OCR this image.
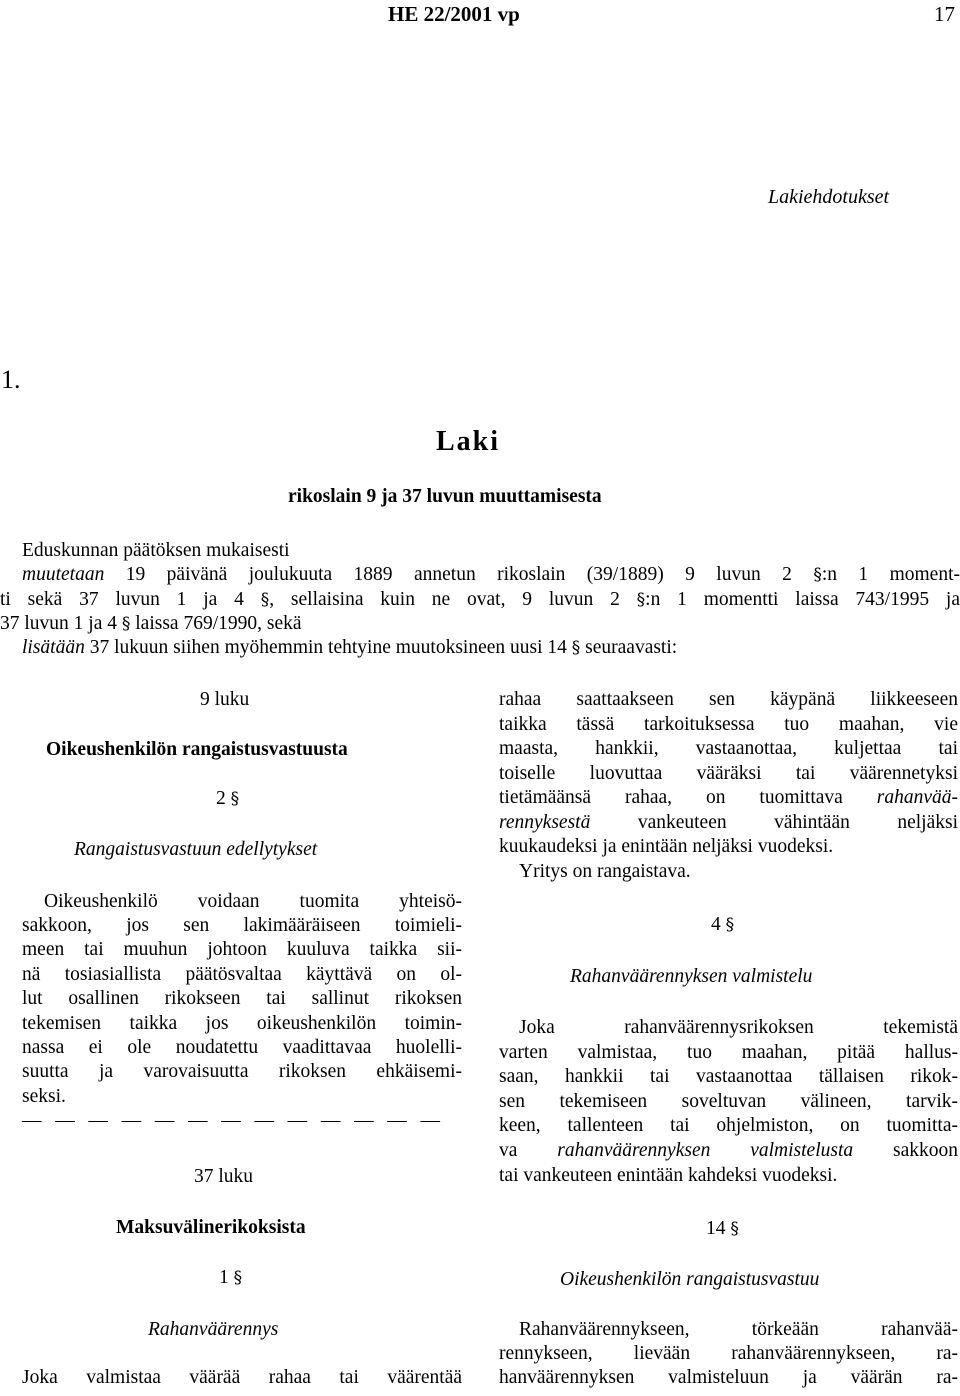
HE 22/2001 vp	17
Lakiehdotukset
1.
Laki
rikoslain 9 ja 37 luvun muuttamisesta
Eduskunnan päätöksen mukaisesti
muutetaan 19 päivänä joulukuuta 1889 annetun rikoslain (39/1889) 9 luvun 2 §:n 1 moment-
ti sekä 37 luvun 1 ja 4 §, sellaisina kuin ne ovat, 9 luvun 2 §:n 1 momentti laissa 743/1995 ja
37 luvun 1 ja 4 § laissa 769/1990, sekä
lisätään 37 lukuun siihen myöhemmin tehtyine muutoksineen uusi 14 § seuraavasti:
9 luku
Oikeushenkilön rangaistusvastuusta
2 §
Rangaistusvastuun edellytykset
Oikeushenkilö voidaan tuomita yhteisö-
sakkoon, jos sen lakimääräiseen toimieli-
meen tai muuhun johtoon kuuluva taikka sii-
nä tosiasiallista päätösvaltaa käyttävä on ol-
lut osallinen rikokseen tai sallinut rikoksen
tekemisen taikka jos oikeushenkilön toimin-
nassa ei ole noudatettu vaadittavaa huolelli-
suutta ja varovaisuutta rikoksen ehkäisemi-
seksi.
— — — — — — — — — — — — —
37 luku
Maksuvälinerikoksista
1 §
Rahanväärennys
Joka valmistaa väärää rahaa tai väärentää
rahaa saattaakseen sen käypänä liikkeeseen
taikka tässä tarkoituksessa tuo maahan, vie
maasta, hankkii, vastaanottaa, kuljettaa tai
toiselle luovuttaa vääräksi tai väärennetyksi
tietämäänsä rahaa, on tuomittava rahanvää-
rennyksestä vankeuteen vähintään neljäksi
kuukaudeksi ja enintään neljäksi vuodeksi.
Yritys on rangaistava.
4 §
Rahanväärennyksen valmistelu
Joka rahanväärennysrikoksen tekemistä
varten valmistaa, tuo maahan, pitää hallus-
saan, hankkii tai vastaanottaa tällaisen rikok-
sen tekemiseen soveltuvan välineen, tarvik-
keen, tallenteen tai ohjelmiston, on tuomitta-
va rahanväärennyksen valmistelusta sakkoon
tai vankeuteen enintään kahdeksi vuodeksi.
14 §
Oikeushenkilön rangaistusvastuu
Rahanväärennykseen, törkeään rahanvää-
rennykseen, lievään rahanväärennykseen, ra-
hanväärennyksen valmisteluun ja väärän ra-
